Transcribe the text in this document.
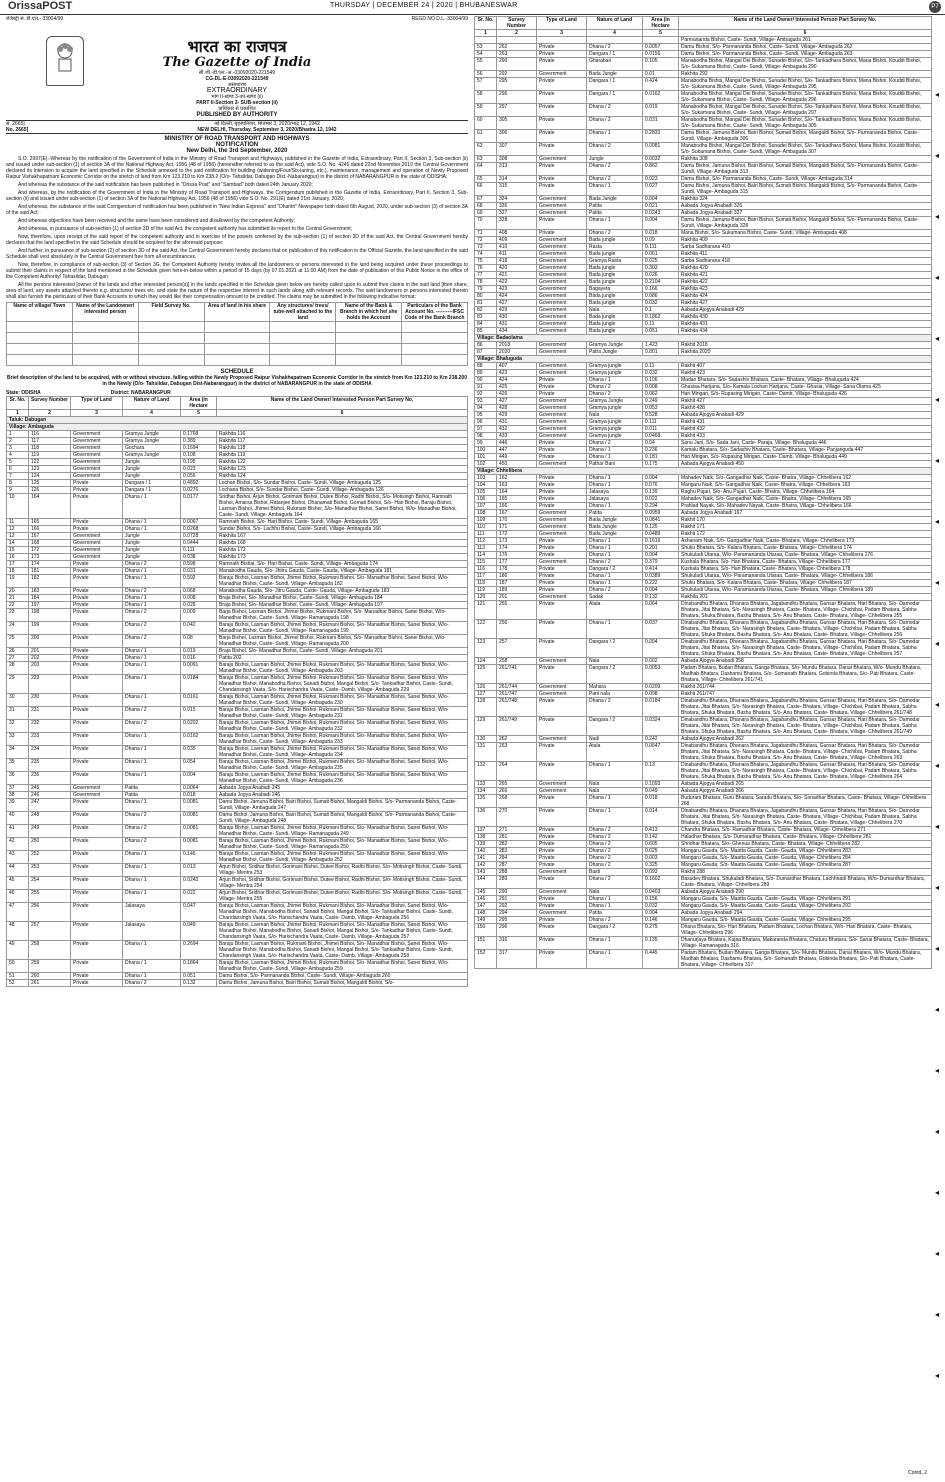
OrissaPOST	THURSDAY | DECEMBER 24 | 2020 | BHUBANESWAR	P7
रजिस्ट्री सं. डी.एल.- 33004/99	REGD.NO.D.L.-33004/99
भारत का राजपत्र
The Gazette of India
सी.जी.-डी.एल.-अ.-03092020-221549
CG-DL-E-03092020-221549
असाधारण
EXTRAORDINARY
भाग II-खण्ड 3-उप-खण्ड (ii)
PART II-Section 3- SUB-section (ii)
प्राधिकार से प्रकाशित
PUBLISHED BY AUTHORITY
सं. 2665]
No. 2665]
नई दिल्ली, बृहस्पतिवार, सितम्बर 3, 2020/भाद्र 12, 1942
NEW DELHI, Thursday, September 3, 2020/Bhadra 12, 1942
MINISTRY OF ROAD TRANSPORT AND HIGHWAYS
NOTIFICATION
New Delhi, the 3rd September, 2020

S.O. 2997(E).-Whereas by the notification of the Government of India in the Ministry of Road Transport and Highways, published in the Gazette of India, Extraordinary, Part II, Section 3, Sub-section (ii) and issued under sub-section (1) of section 3A of the National Highway Act, 1956 (48 of 1956) (hereinafter referred to as the said Act), vide S.O. No. 4245 dated 22nd November,2019 the Central Government declared its intension to acquire the land specified in the Schedule annexed to the said notification for building (widening/Four/Six-laning, etc.), maintenance, management and operation of Newly Proposed Raipur Vishakhapatnam Economic Corridor on the stretch of land from Km 123.210 to Km 238.2 (O/o- Tahsildar, Dabugan Dist.-Nabarangpur) in the district of NABARANGPUR in the state of ODISHA;

And whereas the substance of the said notification has been published in "Orissa Post" and "Sambad" both dated 24th January 2020;

And whereas, by the notification of the Government of India in the Ministry of Road Transport and Highways, the Corrigendum published in the Gazette of India, Extraordinary, Part II, Section 3, Sub-section (ii) and issued under sub-section (1) of section 3A of the National Highway Act, 1956 (48 of 1956) vide S.O. No. 291(E) dated 21st January, 2020;

And whereas, the substance of the said Corrigendum of notification has been published in "New Indian Express" and "Dharitri" Newspaper both dated 6th August, 2020, under sub-section (3) of section 3A of the said Act;

And whereas objections have been received and the same have been considered and disallowed by the competent Authority;

And whereas, in pursuance of sub-section (1) of section 3D of the said Act, the competent authority has submitted its report to the Central Government;

Now, therefore, upon receipt of the said report of the competent authority and in exercise of the powers conferred by the sub-section (1) of section 3D of the said Act, the Central Government hereby declares that the land specified in the said Schedule should be acquired for the aforesaid purpose;

And further, in pursuance of sub-section (2) of section 3D of the said Act, the Central Government hereby declares that on publication of this notification in the Official Gazette, the land specified in the said Schedule shall vest absolutely in the Central Government free from all encumbrances.

Now, therefore, in compliance of sub-section (3) of Section 3G, the Competent Authority hereby invites all the landowners or persons interested in the land being acquired under these proceedings to submit their claims in respect of the land mentioned in the Schedule given here-in-below within a period of 15 days (by 07.01.2021 at 11:00 AM) from the date of publication of this Public Notice in the office of the Competent Authority/ Tahasildar, Dabugan.

All the persons interested [owner of the lands and other interested person(s)] in the lands specified in the Schedule given below are hereby called upon to submit their claims in the said land [their share, area of land, any assets attached thereto e.g. structures/ trees etc. and state the nature of the respective interest in such lands along with relevant records. The said landowners or persons interested therein shall also furnish the particulars of their Bank Accounts to which they would like their compensation amount to be credited. The claims may be submitted in the following indicative format:

Name of village/ Town	Name of the Landowner/ interested person	Field Survey No.	Area of land in his share	Any structures/ trees/ tube-well attached to the land	Name of the Bank & Branch in which he/ she holds the Account	Particulars of the Bank Account No. ----------IFSC Code of the Bank Branch

SCHEDULE
Brief description of the land to be acquired, with or without structure, falling within the Newly Proposed Raipur Vishakhapatnam Economic Corridor in the stretch from Km 123.210 to Km 238.200 in the Newly (O/o- Tahsildar, Dabugan Dist-Nabarangpur) in the district of NABARANGPUR in the state of ODISHA
State: ODISHA	District: NABARANGPUR
Sr. No.	Survey Number	Type of Land	Nature of Land	Area (in Hectare	Name of the Land Owner/ Interested Person Part Survey No.
1	2	3	4	5	6
Taluk: Dabugan					
Village: Ambaguda					
1	116	Government	Gramya Jungle	0.1768	Rakhita 116
2	117	Government	Gramya Jungle	0.389	Rakhita 117
3	118	Government	Gochara	0.1694	Rakhita 118
4	119	Government	Gramya Jungle	0.108	Rakhita 119
5	122	Government	Jungle	0.195	Rakhita 122
6	123	Government	Jungle	0.023	Rakhita 123
7	124	Government	Jungle	0.056	Rakhita 124
8	125	Private	Dangara / 1	0.4892	Lochan Bishoi, S/o- Sundar Bishoi, Caste- Sundi, Village- Ambaguda 125
9	126	Private	Dangara / 1	0.0276	Lochana Bishoi, S/o- Sundar Bishoi, Caste- Sundi, Village- Ambaguda 126
10	164	Private	Dhana / 1	0.0177	Sridhar Bishoi, Arjun Bishoi, Gorimani Bishoi, Dutee Bishoi, Radhi Bishoi, S/o- Motisingh Bishoi, Ramnath Bishoi, Amarsa Bishoi, Ratanjee Bishoi, Dhanamati Bishoi, Gomati Bishoi, S/o- Hari Bishoi, Baraju Bishoi, Laxman Bishoi, Jhimei Bishoi, Rukmani Bishoi, S/o- Manadhar Bishoi, Sanei Bishoi, W/o- Manadhar Bishoi, Caste- Sundi, Village- Ambaguda 164
11	165	Private	Dhana / 1	0.0067	Ramnath Bishoi, S/o- Hari Bishoi, Caste- Sundi, Village- Ambaguda 165
12	166	Private	Dhana / 1	0.0268	Sundar Bishoi, S/o- Lachhu Bishai, Caste- Sundi, Village- Ambaguda 166
13	167	Government	Jungle	0.0728	Rakhita 167
14	168	Government	Jungle	0.0444	Rakhita 168
15	172	Government	Jungle	0.111	Rakhita 172
16	173	Government	Jungle	0.038	Rakhita 173
17	174	Private	Dhana / 2	0.598	Ramnath Bishai, S/o- Hari Bishai, Caste- Sundi, Village- Ambaguda 174
18	181	Private	Dhana / 1	0.031	Manabodha Gauda, S/o- Jhitru Gauda, Caste- Gauda, Village- Ambaguda 181
19	182	Private	Dhana / 1	0.592	Baraju Bishoi, Laxman Bishoi, Jhimei Bishoi, Rukmani Bishoi, S/o- Manadhar Bishoi, Sanei Bishoi, W/o- Manadhar Bishoi, Caste- Sundi, Village- Ambaguda 182
20	183	Private	Dhana / 2	0.068	Manabodha Gauda, S/o- Jitru Gauda, Caste- Gauda, Village- Ambaguda 183
21	184	Private	Dhana / 1	0.008	Braja Bishoi, S/o- Manadhar Bishoi, Caste- Sundi, Village- Ambaguda 184
22	197	Private	Dhana / 1	0.028	Braja Bishoi, S/o- Manadhar Bishoi, Caste- Sundi, Village- Ambaguda 197
23	198	Private	Dhana / 2	0.009	Barja Bishoi, Laxman Bishoi, Jhimei Bishoi, Rukmani Bishoi, S/o- Manadhar Bishoi, Sanei Bishoi, W/o- Manadhar Bishoi, Caste- Sundi, Village- Ramanaguda 198
24	199	Private	Dhana / 2	0.042	Baraju Bishoi, Laxman Bishoi, Jhimei Bishoi, Rukmani Bishoi, S/o- Manadhar Bishoi, Sanei Bishoi, W/o- Manadhar Bishoi, Caste- Sundi, Village- Ramanaguda 199
25	200	Private	Dhana / 2	0.08	Barja Bishoi, Laxman Bishoi, Jhimei Bishoi, Rukmani Bishoi, S/o- Manadhar Bishoi, Sanei Bishoi, W/o- Manadhar Bishoi, Caste- Sundi, Village- Ramanaguda 200
26	201	Private	Dhana / 1	0.019	Braja Bishoi, S/o- Manadhar Bishoi, Caste- Sundi, Village- Ambaguda 201
27	202	Private	Dhana / 1	0.016	Patita 202
28	203	Private	Dhana / 1	0.0091	Baraju Bishoi, Laxman Bishoi, Jhimei Bishoi, Rukmani Bishoi, S/o- Manadhar Bishoi, Sanei Bishoi, W/o- Manadhar Bishoi, Caste- Sundi, Village- Ambaguda 203
29	229	Private	Dhana / 1	0.0184	Baraju Bishoi, Laxman Bishoi, Jhimei Bishoi, Rukmani Bishoi, S/o- Manadhar Bishoi, Sanei Bishoi, W/o- Manadhar Bishoi, Manabodha Bishoi, Sanadi Bishoi, Mangal Bishoi, S/o- Tankadhar Bishoi, Caste- Sundi, Chandansingh Vaata, S/o- Harischandra Vaata, Caste- Damb, Village- Ambaguda 229
30	230	Private	Dhana / 1	0.0161	Baraju Bishoi, Laxman Bishoi, Jhimei Bishoi, Rukmani Bishoi, S/o- Manadhar Bishoi, Sanei Bishoi, W/o- Manadhar Bishoi, Caste- Sundi, Village- Ambaguda 230
31	231	Private	Dhana / 2	0.015	Baraju Bishoi, Laxman Bishoi, Jhimei Bishoi, Rukmani Bishoi, S/o- Manadhar Bishoi, Sanei Bishoi, W/o- Manadhar Bishoi, Caste- Sundi, Village- Ambaguda 231
32	232	Private	Dhana / 2	0.0202	Baraju Bishoi, Laxman Bishoi, Jhimei Bishoi, Rukmani Bishoi, S/o- Manadhar Bishoi, Sanei Bishoi, W/o- Manadhar Bishoi, Caste- Sundi, Village- Ambaguda 232
33	233	Private	Dhana / 1	0.0162	Baraju Bishoi, Laxman Bishoi, Jhimei Bishoi, Rukmani Bishoi, S/o- Manadhar Bishoi, Sanei Bishoi, W/o- Manadhar Bishoi, Caste- Sundi, Village- Ambaguda 233
34	234	Private	Dhana / 1	0.035	Baraju Bishoi, Laxman Bishoi, Jhimei Bishoi, Rukmani Bishoi, S/o- Manadhar Bishoi, Sanei Bishoi, W/o- Manadhar Bishoi, Caste- Sundi, Village- Ambaguda 234
35	235	Private	Dhana / 1	0.054	Baraju Bishoi, Laxman Bishoi, Jhimei Bishoi, Rukmani Bishoi, S/o- Manadhar Bishoi, Sanei Bishoi, W/o- Manadhar Bishoi, Caste- Sundi, Village- Ambaguda 235
36	236	Private	Dhana / 1	0.004	Baraju Bishoi, Laxman Bishoi, Jhimei Bishoi, Rukmani Bishoi, S/o- Manadhar Bishoi, Sanei Bishoi, W/o- Manadhar Bishoi, Caste- Sundi, Village- Ambaguda 236
37	245	Government	Patita	0.0064	Aabada Jogya Anabadi 245
38	246	Government	Patita	0.018	Aabada Jogya Anabadi 246
39	247	Private	Dhana / 1	0.0081	Damu Bishoi, Jamuna Bishoi, Bairi Bishoi, Sumati Bishoi, Mangaldi Bishoi, S/o- Parmananda Bishoi, Caste- Sundi, Village- Ambaguda 247
40	248	Private	Dhana / 2	0.0081	Damu Bishoi, Jamuna Bishoi, Bairi Bishoi, Sumati Bishoi, Mangaldi Bishoi, S/o- Parmananda Bishoi, Caste- Sundi, Village- Ambaguda 248
41	249	Private	Dhana / 2	0.0081	Baraju Bishoi, Laxman Bishoi, Jhimei Bishoi, Rukmani Bishoi, S/o- Manadhar Bishoi, Sanei Bishoi, W/o- Manadhar Bishoi, Caste- Sundi, Village- Ramanaguda 249
42	250	Private	Dhana / 2	0.0081	Baraju Bishoi, Laxman Bishoi, Jhimei Bishoi, Rukmani Bishoi, S/o- Manadhar Bishoi, Sanei Bishoi, W/o- Manadhar Bishoi, Caste- Sundi, Village- Ramanaguda 250
43	252	Private	Dhana / 1	0.146	Baraju Bishoi, Laxman Bishoi, Jhimei Bishoi, Rukmani Bishoi, S/o- Manadhar Bishoi, Sanei Bishoi, W/o- Manadhar Bishoi, Caste- Sundi, Village- Ambaguda 252
44	253	Private	Dhana / 1	0.013	Arjun Bishoi, Sridhar Bishoi, Gorimani Bishoi, Dutee Bishoi, Radhi Bishoi, S/o- Motisingh Bishoi, Caste- Sundi, Village- Mentra 253
45	254	Private	Dhana / 1	0.0243	Arjun Bishoi, Sridhar Bishoi, Gorimani Bishoi, Dutee Bishoi, Radhi Bishoi, S/o- Motisingh Bishoi, Caste- Sundi, Village- Mentra 254
46	255	Private	Dhana / 1	0.022	Arjun Bishoi, Sridhar Bishoi, Gorimani Bishoi, Dutee Bishoi, Radhi Bishoi, S/o- Motisingh Bishoi, Caste- Sundi, Village- Mentra 255
47	256	Private	Jalasaya	0.047	Baraju Bishoi, Laxman Bishoi, Jhimei Bishoi, Rukmani Bishoi, S/o- Manadhar Bishoi, Sanei Bishoi, W/o- Manadhar Bishoi, Manabodha Bishoi, Sanadi Bishoi, Mangal Bishoi, S/o- Tankadhar Bishoi, Caste- Sundi, Chandansingh Vaata, S/o- Harischandra Vaata, Caste- Damb, Village- Ambaguda 256
48	257	Private	Jalasaya	0.049	Baraju Bishoi, Laxman Bishoi, Jhimei Bishoi, Rukmani Bishoi, S/o- Manadhar Bishoi, Sanei Bishoi, W/o- Manadhar Bishoi, Manabodha Bishoi, Sanadi Bishoi, Mangal Bishoi, S/o- Tankadhar Bishoi, Caste- Sundi, Chandansingh Vaata, S/o- Harischandra Vaata, Caste- Damb, Village- Ambaguda 257
49	258	Private	Dhana / 1	0.2694	Baraju Bishoi, Laxman Bishoi, Rukmani Bishoi, Jhimei Bishoi, S/o- Manadhar Bishoi, Sanei Bishoi, W/o- Manadhar Bishoi, Manabodha Bishoi, Sanadi Bishoi, Mangal Bishoi, S/o- Tankadhar Bishoi, Caste- Sundi, Chandansingh Vaata, S/o- Harischandra Vaata, Caste- Damb, Village- Ambaguda 258
50	259	Private	Dhana / 1	0.1864	Baraju Bishoi, Laxman Bishoi, Jhimei Bishoi, Rukmani Bishoi, S/o- Manadhar Bishoi, Sanei Bishoi, W/o- Manadhar Bishoi, Caste- Sundi, Village- Ambaguda 259
51	260	Private	Dhana / 1	0.051	Damu Bishoi, S/o- Parmananda Bishoi, Caste- Sundi, Village- Ambaguda 260
52	261	Private	Dhana / 2	0.132	Damu Bishoi, Jamuna Bishoi, Bairi Bishoi, Sumati Bishoi, Mangaldi Bishoi, S/o-
Sr. No.	Survey Number	Type of Land	Nature of Land	Area (in Hectare	Name of the Land Owner/ Interested Person Part Survey No.
1	2	3	4	5	6
					Parmananda Bishoi, Caste- Sundi, Village- Ambaguda 261
53	262	Private	Dhana / 2	0.0057	Damu Bishoi, S/o- Parmananda Bishoi, Caste- Sundi, Village- Ambaguda 262
54	263	Private	Dangara / 1	0.0156	Damu Bishoi, S/o- Parmananda Bishoi, Caste- Sundi, Village- Ambaguda 263
55	290	Private	Gharabari	0.105	Manabodha Bishoi, Mangal Dei Bishoi, Sunadei Bishoi, S/o- Tankadhara Bishoi, Mana Bishoi, Kouddi Bishoi, S/o- Sukamana Bishoi, Caste- Sundi, Village- Ambaguda 290
56	292	Government	Bada Jungle	0.01	Rakhita 292
57	295	Private	Dangara / 1	0.424	Manabodha Bishoi, Mangal Dei Bishoi, Sunadei Bishoi, S/o- Tankadhara Bishoi, Mana Bishoi, Kouddi Bishoi, S/o- Sukamana Bishoi, Caste- Sundi, Village- Ambaguda 295
58	296	Private	Dangara / 1	0.0162	Manabodha Bishoi, Mangal Dei Bishoi, Sunadei Bishoi, S/o- Tankadhara Bishoi, Mana Bishoi, Kouddi Bishoi, S/o- Sukamana Bishoi, Caste- Sundi, Village- Ambaguda 296
59	297	Private	Dhana / 2	0.019	Manabodha Bishoi, Mangal Dei Bishoi, Sunadei Bishoi, S/o- Tankadhara Bishoi, Mana Bishoi, Kouddi Bishoi, S/o- Sukamana Bishoi, Caste- Sundi, Village- Ambaguda 297
60	305	Private	Dhana / 2	0.031	Manabodha Bishoi, Mangal Dei Bishoi, Sunadei Bishoi, S/o- Tankadhara Bishoi, Mana Bishoi, Kouddi Bishoi, S/o- Sukamana Bishoi, Caste- Sundi, Village- Ambaguda 305
61	306	Private	Dhana / 1	0.2833	Damu Bishoi, Jamuna Bishoi, Bairi Bishoi, Sumati Bishoi, Mangaldi Bishoi, S/o- Parmananda Bishoi, Caste- Sundi, Village- Ambaguda 306
62	307	Private	Dhana / 2	0.0081	Manabodha Bishoi, Mangal Dei Bishoi, Sunadei Bishoi, S/o- Tankadhara Bishoi, Mana Bishoi, Kouddi Bishoi, S/o- Sukamana Bishoi, Caste- Sundi, Village- Ambaguda 307
63	308	Government	Jungle	0.0032	Rakhita 308
64	313	Private	Dhana / 2	0.862	Damu Bishoi, Jamuna Bishoi, Bairi Bishoi, Sumati Bishoi, Mangaldi Bishoi, S/o- Parmananda Bishoi, Caste- Sundi, Village- Ambaguda 313
65	314	Private	Dhana / 2	0.023	Damu Bishoi, S/o- Parmananda Bishoi, Caste- Sundi, Village- Ambaguda 314
66	315	Private	Dhana / 1	0.027	Damu Bishoi, Jamuna Bishoi, Bairi Bishoi, Sumati Bishoi, Mangaldi Bishoi, S/o- Parmananda Bishoi, Caste- Sundi, Village- Ambaguda 315
67	324	Government	Bada Jungle	0.004	Rakhita 324
68	326	Government	Patita	0.021	Aabada Jogya Anabadi 326
69	327	Government	Patita	0.0243	Aabada Jogya Anabadi 327
70	328	Private	Dhana / 1	0.004	Damu Bishoi, Jamuna Bishoi, Bairi Bishoi, Sumati Bishoi, Mangaldi Bishoi, S/o- Parmananda Bishoi, Caste- Sundi, Village- Ambaguda 328
71	408	Private	Dhana / 2	0.018	Mana Bishoi, S/o- Sukumana Bishoi, Caste- Sundi, Village- Ambaguda 408
72	409	Government	Bada jungle	0.09	Rakhita 409
73	410	Government	Rasta	0.111	Sarba Sadharana 410
74	411	Government	Bada jungle	0.061	Rakhita 411
75	418	Government	Gramya Rasta	0.025	Sarba Sadharana 418
76	420	Government	Bada jungle	0.303	Rakhita 420
77	421	Government	Bada jungle	0.026	Rakhita 421
78	422	Government	Bada jungle	0.2104	Rakhita 422
79	423	Government	Bagayeta	0.166	Rakhita 423
80	424	Government	Bada jungle	0.086	Rakhita 424
81	427	Government	Bada jungle	0.032	Rakhita 427
82	429	Government	Nala	0.1	Aabada Ajogya Anabadi 429
83	430	Government	Bada jungle	0.1862	Rakhita 430
84	431	Government	Bada jungle	0.11	Rakhita 431
85	434	Government	Bada jungle	0.051	Rakhita 434
Village: Badaolama					
86	2018	Government	Gramya Jungle	1.423	Rakhit 2018
87	2020	Government	Patra Jungle	0.801	Rakhita 2020
Village: Bhaluguda					
88	407	Government	Gramya jungle	0.11	Rakhit 407
89	423	Government	Gramya jungle	0.032	Rakhit 423
90	424	Private	Dhana / 1	0.106	Madan Bhatara, S/o- Sadashiv Bhatara, Caste- Bhatara, Village- Bhaluguda 424
91	425	Private	Dhana / 2	0.008	Ghasiaa Harijana, S/o- Kamala Lochan Harijana, Caste- Ghasia, Village- Sana Olama 425
92	426	Private	Dhana / 2	0.062	Hari Mirigan, S/o- Rupasing Mirigan, Caste- Damb, Village- Bhaluguda 426
93	427	Government	Gramya Jungle	0.249	Rakhit 427
94	428	Government	Gramya jungle	0.053	Rakhit 428
95	429	Government	Nala	0.528	Aabada Ajogya Anabadi 429
96	431	Government	Gramya jungle	0.111	Rakhit 431
97	432	Government	Gramya jungle	0.011	Rakhit 432
98	433	Government	Gramya jungle	0.0468	Rakhit 433
99	446	Private	Dhana / 2	0.04	Sanu Jani, S/o- Sada Jani, Caste- Paraja, Village- Bhaluguda 446
100	447	Private	Dhana / 1	0.236	Kamalu Bhatara, S/o- Sadashiv Bhatara, Caste- Bhatara, Village- Panjariguda 447
101	449	Private	Dhana / 1	0.181	Hari Mirigan, S/o- Rupasing Mirigan, Caste- Damb, Village- Bhaluguda 449
102	450	Government	Pathar Bani	0.175	Aabada Ajogya Anabadi 450
Village: Chhelibera					
103	162	Private	Dhana / 1	0.004	Mahadev Naik, S/o- Gangadhar Naik, Caste- Bhatra, Village- Chhelibera 162
104	163	Private	Dhana / 1	0.076	Manguru Naik, S/o- Gangadhar Naik, Caste- Bhatra, Village- Chhelibera 163
105	164	Private	Jalasaya	0.139	Raghu Pujari, S/o- Anu Pujari, Caste- Bhatra, Village- Chhelibera 164
106	165	Private	Jalasaya	0.022	Mahadev Naik, S/o- Gangadhar Naik, Caste- Bhatra, Village- Chhelibera 165
107	166	Private	Dhana / 1	0.294	Prahlad Nayak, S/o- Mahadev Nayak, Caste- Bhatra, Village- Chhelibera 166
108	167	Government	Patita	0.0959	Aabada Jogya Anabadi 167
109	170	Government	Bada Jungle	0.0841	Rakhit 170
110	171	Government	Bada Jungle	0.125	Rakhit 171
111	172	Government	Bada Jungle	0.0489	Rakhit 172
112	173	Private	Dhana / 1	0.1619	Ashanam Naik, S/o- Gangadhar Naik, Caste- Bhatara, Village- Chhelibera 173
113	174	Private	Dhana / 1	0.201	Shuku Bhatara, S/o- Kalara Bhatara, Caste- Bhatara, Village- Chhelibera 174
114	176	Private	Dhana / 1	0.004	Shukuladi Utaraa, W/o- Paramananda Utaraa, Caste- Bhatara, Village- Chhelibera 176
115	177	Government	Dhana / 2	0.379	Kushala Bhatara, S/o- Hari Bhatara, Caste- Bhatara, Village- Chhelibera 177
116	178	Private	Dangara / 2	0.414	Kushala Bhatara, S/o- Hari Bhatara, Caste- Bhatara, Village- Chhelibera 178
117	186	Private	Dhana / 1	0.0389	Shukuladi Utaraa, W/o- Paramananda Utaraa, Caste- Bhatara, Village- Chhelibera 186
118	187	Private	Dhana / 1	0.222	Shuku Bhatara, S/o- Kalara Bhatara, Caste- Bhatara, Village- Chhelibera 187
119	189	Private	Dhana / 2	0.004	Shukuladi Utaraa, W/o- Paramananda Utaraa, Caste- Bhatara, Village- Chhelibera 189
120	201	Government	Sadak	0.132	Rakhita 201
121	255	Private	Atala	0.064	Dinabandhu Bhatara, Dhanara Bhatara, Jagabandhu Bhatara, Gunsar Bhatara, Hari Bhatara, S/o- Damodar Bhatara, Jitai Bhatara, S/o- Narasingh Bhatara, Caste- Bhatara, Village- Chichibai, Padam Bhatara, Sabha Bhatara, Shuka Bhatara, Bashu Bhatara, S/o- Anu Bhatara, Caste- Bhatara, Village- Chhelibera 255
122	256	Private	Dhana / 1	0.037	Dinabandhu Bhatara, Dhanara Bhatara, Jagabandhu Bhatara, Gunsar Bhatara, Hari Bhatara, S/o- Damodar Bhatara, Jitai Bhatara, S/o- Narasingh Bhatara, Caste- Bhatara, Village- Chichibai, Padam Bhatara, Sabha Bhatara, Shuka Bhatara, Bashu Bhatara, S/o- Anu Bhatara, Caste- Bhatara, Village- Chhelibera 256
123	257	Private	Dangara / 2	0.004	Dinabandhu Bhatara, Dhanara Bhatara, Jagabandhu Bhatara, Gunsar Bhatara, Hari Bhatara, S/o- Damodar Bhatara, Jitai Bhatara, S/o- Narasingh Bhatara, Caste- Bhatara, Village- Chichibai, Padam Bhatara, Sabha Bhatara, Shuka Bhatara, Bashu Bhatara, S/o- Anu Bhatara, Caste- Bhatara, Village- Chhelibera 257
124	258	Government	Nala	0.002	Aabada Ajogya Anabadi 258
125	261/741	Private	Dangara / 2	0.0053	Padam Bhatara, Budan Bhatara, Ganga Bhatara, S/o- Mundu Bhatara, Danai Bhatara, W/o- Mundu Bhatara, Madhab Bhatara, Dashamu Bhatara, S/o- Somanath Bhatara, Gobinda Bhatara, S/o- Pati Bhatara, Caste- Bhatara, Village- Chhelibera 261/741
126	261/744	Government	Mahara	0.0209	Rakhit 261/744
127	261/747	Government	Pani nala	0.098	Rakhit 261/747
128	261/748	Private	Dhana / 2	0.0184	Dinabandhu Bhatara, Dhanara Bhatara, Jagabandhu Bhatara, Gunsar Bhatara, Hari Bhatara, S/o- Damodar Bhatara, Jitai Bhatara, S/o- Narasingh Bhatara, Caste- Bhatara, Village- Chichibai, Padam Bhatara, Sabha Bhatara, Shuka Bhatara, Bashu Bhatara, S/o- Anu Bhatara, Caste- Bhatara, Village- Chhelibera 261/748
129	261/749	Private	Dangara / 2	0.0324	Dinabandhu Bhatara, Dhanara Bhatara, Jagabandhu Bhatara, Gunsar Bhatara, Hari Bhatara, S/o- Damodar Bhatara, Jitai Bhatara, S/o- Narasingh Bhatara, Caste- Bhatara, Village- Chichibai, Padam Bhatara, Sabha Bhatara, Shuka Bhatara, Bashu Bhatara, S/o- Anu Bhatara, Caste- Bhatara, Village- Chhelibera 261/749
130	262	Government	Nadi	0.242	Aabada Ajogya Anabadi 262
131	263	Private	Atala	0.0647	Dinabandhu Bhatara, Dhanara Bhatara, Jagabandhu Bhatara, Gunsar Bhatara, Hari Bhatara, S/o- Damodar Bhatara, Jitai Bhatara, S/o- Narasingh Bhatara, Caste- Bhatara, Village- Chichibai, Padam Bhatara, Sabha Bhatara, Shuka Bhatara, Bashu Bhatara, S/o- Anu Bhatara, Caste- Bhatara, Village- Chhelibera 263
132	264	Private	Dhana / 1	0.13	Dinabandhu Bhatara, Dhanara Bhatara, Jagabandhu Bhatara, Gunsar Bhatara, Hari Bhatara, S/o- Damodar Bhatara, Jitai Bhatara, S/o- Narasingh Bhatara, Caste- Bhatara, Village- Chichibai, Padam Bhatara, Sabha Bhatara, Shuka Bhatara, Bashu Bhatara, S/o- Anu Bhatara, Caste- Bhatara, Village- Chhelibera 264
133	265	Government	Nala	0.1093	Aabada Ajogya Anabadi 265
134	266	Government	Nala	0.049	Aabada Ajogya Anabadi 266
135	268	Private	Dhana / 1	0.018	Buduram Bhatara, Guru Bhatara, Saradu Bhatara, S/o- Sonadhar Bhatara, Caste- Bhatara, Village- Chhelibera 268
136	270	Private	Dhana / 1	0.014	Dinabandhu Bhatara, Dhanara Bhatara, Jagabandhu Bhatara, Gunsar Bhatara, Hari Bhatara, S/o- Damodar Bhatara, Jitai Bhatara, S/o- Narasingh Bhatara, Caste- Bhatara, Village- Chichibai, Padam Bhatara, Sabha Bhatara, Shuka Bhatara, Bashu Bhatara, S/o- Anu Bhatara, Caste- Bhatara, Village- Chhelibera 270
137	271	Private	Dhana / 2	0.413	Chandra Bhatara, S/o- Ramadhar Bhatara, Caste- Bhatara, Village- Chhelibera 271
138	281	Private	Dhana / 2	0.142	Haladhar Bhatara, S/o- Dumaradhar Bhatara, Caste- Bhatara, Village- Chhelibera 281
139	282	Private	Dhana / 2	0.605	Shridhar Bhatara, S/o- Ghenua Bhatara, Caste- Bhatara, Village- Chhelibera 282
140	283	Private	Dhana / 2	0.025	Mangaru Gauda, S/o- Maatta Gauda, Caste- Gauda, Village- Chhelibera 283
141	284	Private	Dhana / 2	0.003	Mangaru Gauda, S/o- Maatta Gauda, Caste- Gauda, Village- Chhelibera 284
142	287	Private	Dhana / 2	0.325	Mangaru Gauda, S/o- Maatta Gauda, Caste- Gauda, Village- Chhelibera 287
143	288	Government	Basti	0.093	Rakhit 288
144	289	Private	Dhana / 2	0.1602	Basudev Bhatara, Shukaladi Bhatara, S/o- Dumardhar Bhatara, Lachhnadi Bhatara, W/o- Dumardhar Bhatara, Caste- Bhatara, Village- Chhelibera 289
145	290	Government	Nala	0.0403	Aabada Ajogya Anabadi 290
146	291	Private	Dhana / 1	0.156	Mangaru Gauda, S/o- Maatta Gauda, Caste- Gauda, Village- Chhelibera 291
147	292	Private	Dhana / 1	0.032	Mangaru Gauda, S/o- Maatta Gauda, Caste- Gauda, Village- Chhelibera 292
148	294	Government	Patita	0.004	Aabada Jogya Anabadi 294
149	295	Private	Dhana / 2	0.146	Mangaru Gauda, S/o- Maatta Gauda, Caste- Gauda, Village- Chhelibera 295
150	296	Private	Dangara / 2	0.279	Dhana Bhatara, S/o- Hari Bhatara, Padam Bhatara, Lochan Bhatara, W/o- Hari Bhatara, Caste- Bhatara, Village- Chhelibera 296
151	316	Private	Dhana / 1	0.135	Dhanurjaya Bhatara, Kujaa Bhatara, Makaranda Bhatara, Chaturu Bhatara, S/o- Sanai Bhatara, Caste- Bhatara, Village- Ramanaguda 316
152	317	Private	Dhana / 1	0.445	Padam Bhatara, Budan Bhatara, Ganga Bhatara, S/o- Mundu Bhatara, Danai Bhatara, W/o- Mundu Bhatara, Madhab Bhatara, Dashamu Bhatara, S/o- Somanath Bhatara, Gobinda Bhatara, S/o- Pati Bhatara, Caste- Bhatara, Village- Chhelibera 317
◂
◂
◂
◂
◂
◂
◂
◂
◂
◂
◂
◂
◂
◂
◂
◂
◂
◂
◂
◂
◂
◂
Contd..2
